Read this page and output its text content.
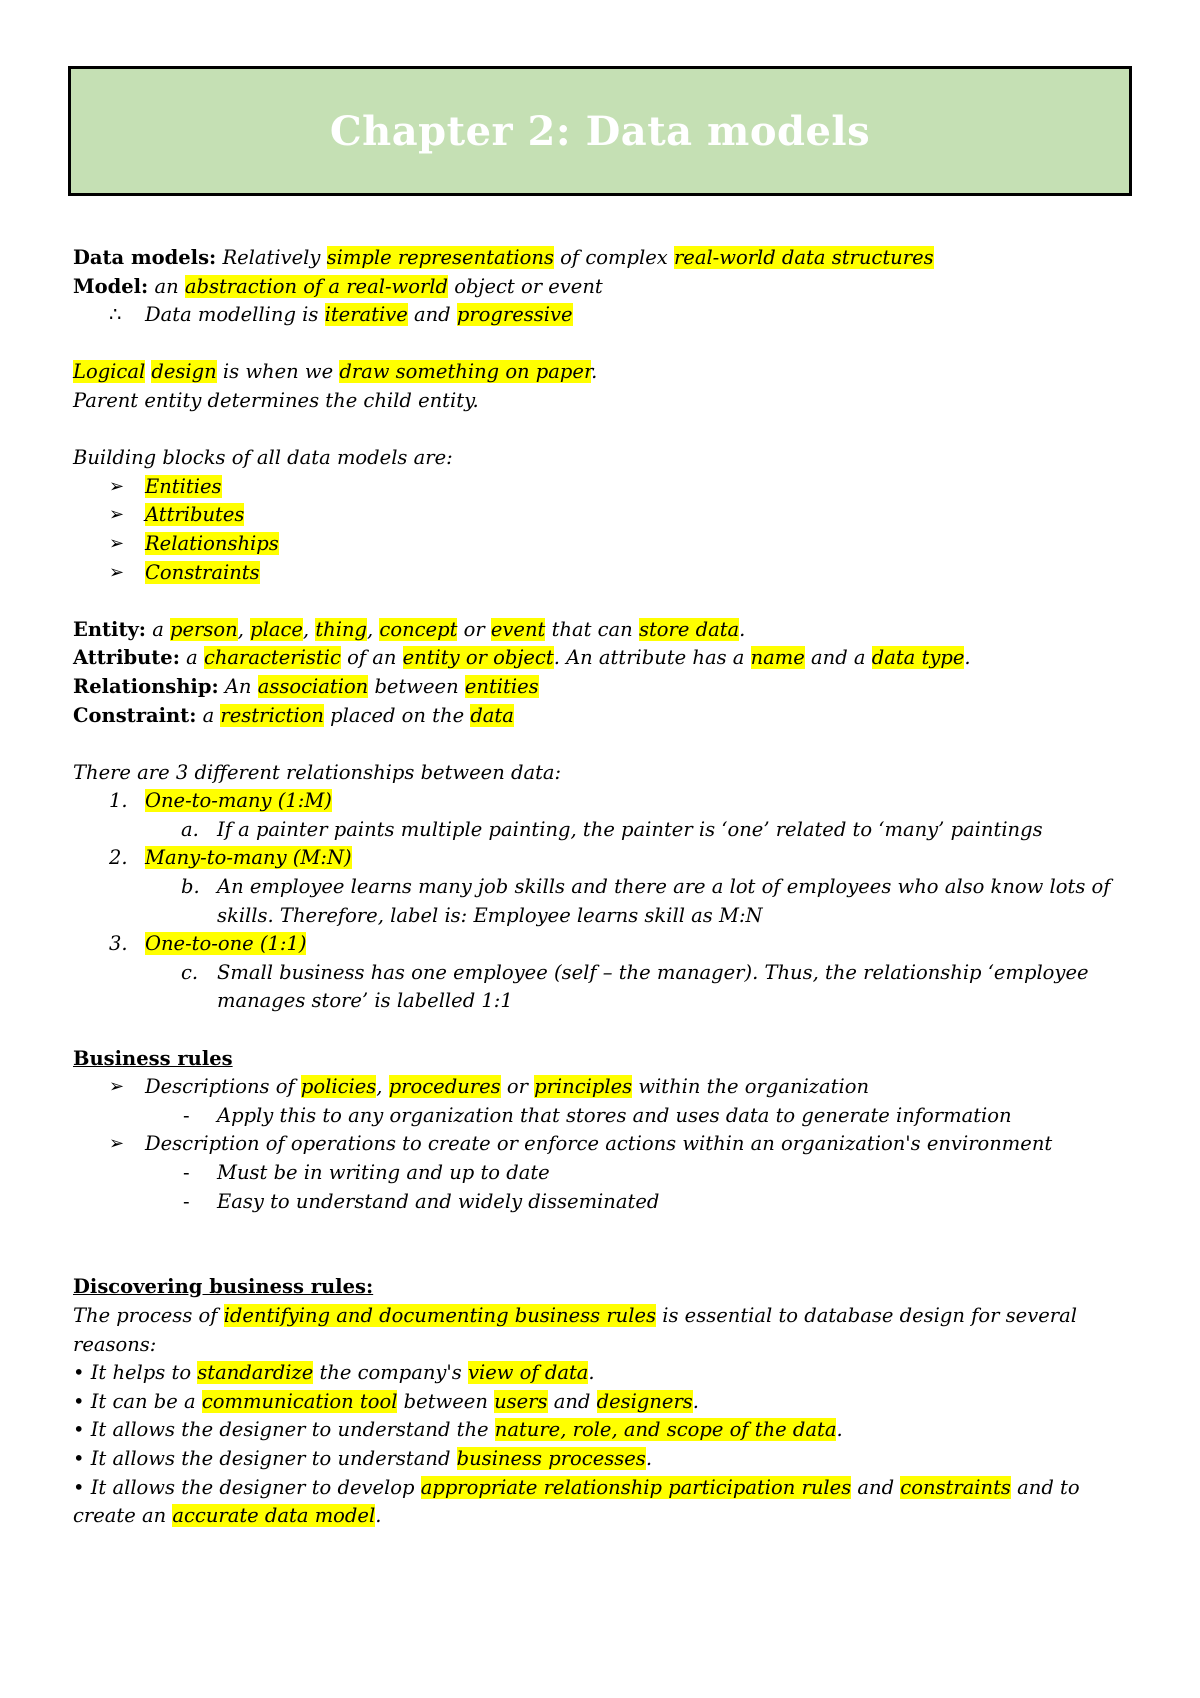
Chapter 2: Data models
Data models: Relatively simple representations of complex real-world data structures
Model: an abstraction of a real-world object or event
∴ Data modelling is iterative and progressive
Logical design is when we draw something on paper.
Parent entity determines the child entity.
Building blocks of all data models are:
➢ Entities
➢ Attributes
➢ Relationships
➢ Constraints
Entity: a person, place, thing, concept or event that can store data.
Attribute: a characteristic of an entity or object. An attribute has a name and a data type.
Relationship: An association between entities
Constraint: a restriction placed on the data
There are 3 different relationships between data:
1. One-to-many (1:M)
a. If a painter paints multiple painting, the painter is ‘one’ related to ‘many’ paintings
2. Many-to-many (M:N)
b. An employee learns many job skills and there are a lot of employees who also know lots of skills. Therefore, label is: Employee learns skill as M:N
3. One-to-one (1:1)
c. Small business has one employee (self – the manager). Thus, the relationship ‘employee manages store’ is labelled 1:1
Business rules
➢ Descriptions of policies, procedures or principles within the organization
- Apply this to any organization that stores and uses data to generate information
➢ Description of operations to create or enforce actions within an organization's environment
- Must be in writing and up to date
- Easy to understand and widely disseminated
Discovering business rules:
The process of identifying and documenting business rules is essential to database design for several reasons:
• It helps to standardize the company's view of data.
• It can be a communication tool between users and designers.
• It allows the designer to understand the nature, role, and scope of the data.
• It allows the designer to understand business processes.
• It allows the designer to develop appropriate relationship participation rules and constraints and to create an accurate data model.
